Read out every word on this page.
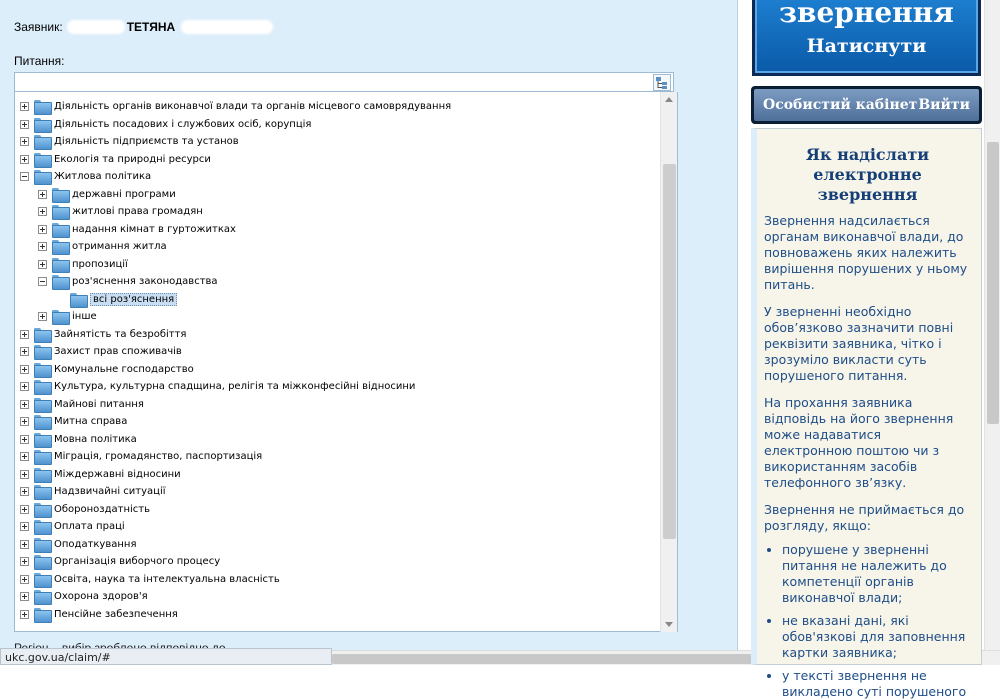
Заявник:	ТЕТЯНА
Питання:
Діяльність органів виконавчої влади та органів місцевого самоврядування
Діяльність посадових і службових осіб, корупція
Діяльність підприємств та установ
Екологія та природні ресурси
Житлова політика
державні програми
житлові права громадян
надання кімнат в гуртожитках
отримання житла
пропозиції
роз'яснення законодавства
всі роз'яснення
інше
Зайнятість та безробіття
Захист прав споживачів
Комунальне господарство
Культура, культурна спадщина, релігія та міжконфесійні відносини
Майнові питання
Митна справа
Мовна політика
Міграція, громадянство, паспортизація
Міждержавні відносини
Надзвичайні ситуації
Обороноздатність
Оплата праці
Оподаткування
Організація виборчого процесу
Освіта, наука та інтелектуальна власність
Охорона здоров'я
Пенсійне забезпечення
ukc.gov.ua/claim/#
звернення
Натиснути
Особистий кабінет Вийти
Як надіслати електронне звернення

Звернення надсилається органам виконавчої влади, до повноважень яких належить вирішення порушених у ньому питань.

У зверненні необхідно обов’язково зазначити повні реквізити заявника, чітко і зрозуміло викласти суть порушеного питання.

На прохання заявника відповідь на його звернення може надаватися електронною поштою чи з використанням засобів телефонного зв’язку.

Звернення не приймається до розгляду, якщо:

• порушене у зверненні питання не належить до компетенції органів виконавчої влади;
• не вказані дані, які обов'язкові для заповнення картки заявника;
• у тексті звернення не викладено суті порушеного
